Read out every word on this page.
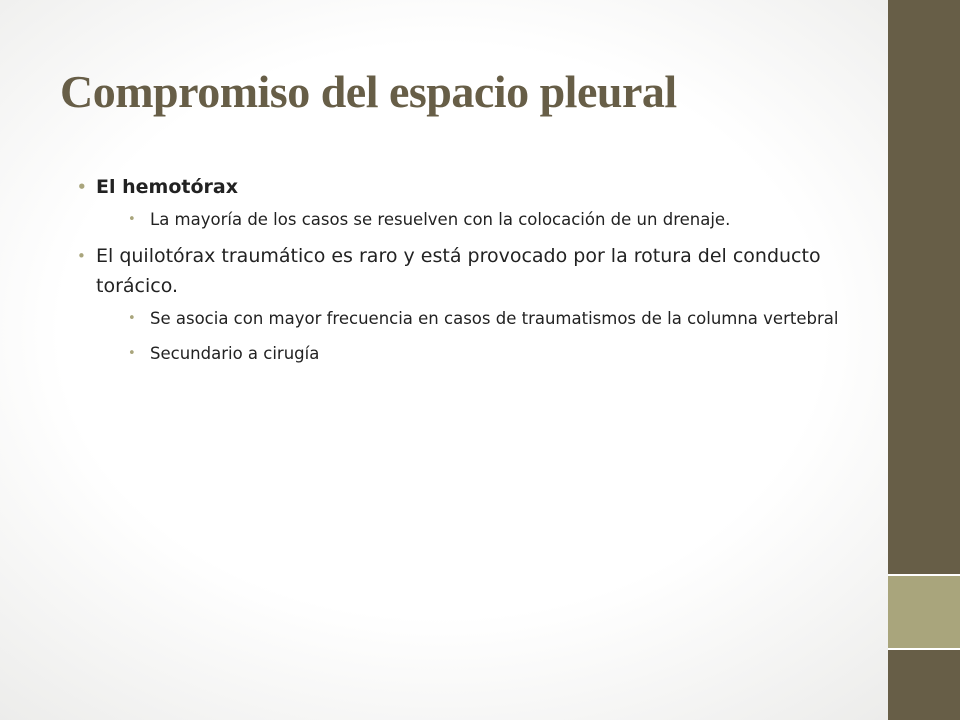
Compromiso del espacio pleural
• El hemotórax
• La mayoría de los casos se resuelven con la colocación de un drenaje.
• El quilotórax traumático es raro y está provocado por la rotura del conducto torácico.
• Se asocia con mayor frecuencia en casos de traumatismos de la columna vertebral
• Secundario a cirugía
